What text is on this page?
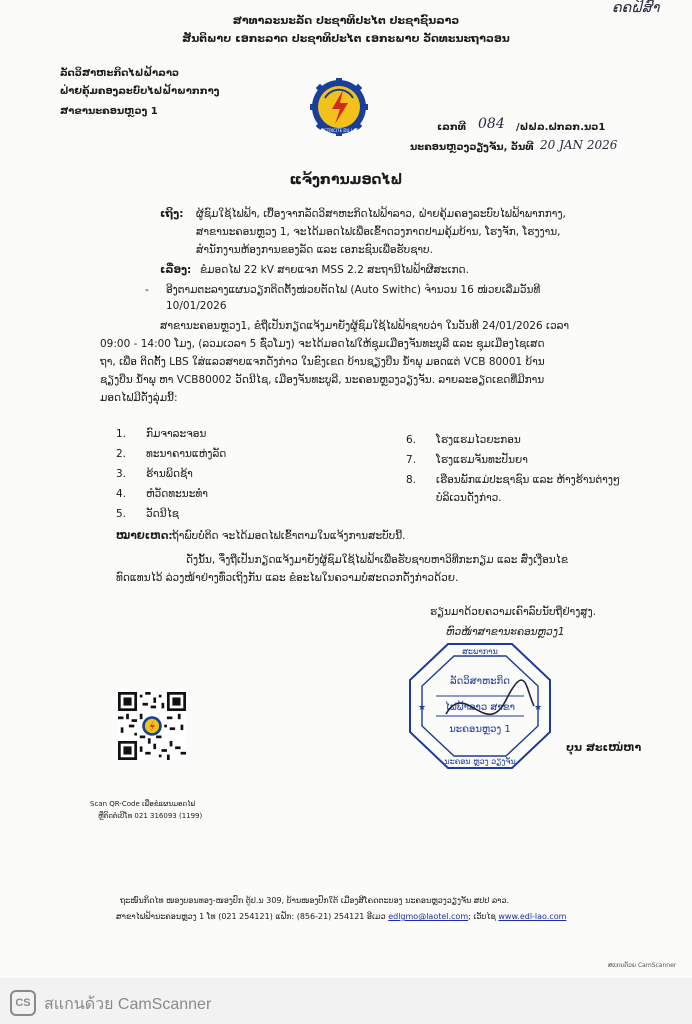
ຄຄຝິສົາ
ສາທາລະນະລັດ ປະຊາທິປະໄຕ ປະຊາຊົນລາວ
ສັນຕິພາບ ເອກະລາດ ປະຊາທິປະໄຕ ເອກະພາບ ວັດທະນະຖາວອນ
ລັດວິສາຫະກິດໄຟຟ້າລາວ
ຝ່າຍຄຸ້ມຄອງລະບົບໄຟຟ້າພາກກາງ
ສາຂານະຄອນຫຼວງ 1
ELECTRICITE DU LAOS	ເລກທີ 084 /ຟຟລ.ຝກລກ.ນວ1
ນະຄອນຫຼວງວຽງຈັນ, ວັນທີ 20 JAN 2026
ແຈ້ງການມອດໄຟ
ເຖິງ: ຜູ້ຊົມໃຊ້ໄຟຟ້າ, ເບື້ອງຈາກລັດວິສາຫະກິດໄຟຟ້າລາວ, ຝ່າຍຄຸ້ມຄອງລະບົບໄຟຟ້າພາກກາງ,
ສາຂານະຄອນຫຼວງ 1, ຈະໄດ້ມອດໄຟເພື່ອເຂົ້າດວງກາດປາມຄຸ້ມບ້ານ, ໂຮງຈັກ, ໂຮງງານ,
ສໍານັກງານຫ້ອງການຂອງລັດ ແລະ ເອກະຊົນເພື່ອຮັບຊາບ.
ເລື່ອງ: ຂໍມອດໄຟ 22 kV ສາຍແຈກ MSS 2.2 ສະຖານີໄຟຟ້າຜີສະເກດ.
- ອີງຕາມຕະລາງແຜນວຽກຕິດຕັ້ງໜ່ວຍຕັດໄຟ (Auto Swithc) ຈຳນວນ 16 ໜ່ວຍເລີ່ມວັນທີ
10/01/2026
ສາຂານະຄອນຫຼວງ1, ຂໍຖືເປັນກຽດແຈ້ງມາຍັງຜູ້ຊົມໃຊ້ໄຟຟ້າຊາບວ່າ ໃນວັນທີ 24/01/2026 ເວລາ
09:00 - 14:00 ໂມງ, (ລວມເວລາ 5 ຊົ່ວໂມງ) ຈະໄດ້ມອດໄຟໃຫ້ຊຸມເມືອງຈັນທະບູລີ ແລະ ຊຸມເມືອງໄຊເສດ
ຖາ, ເພື່ອ ຕິດຕັ້ງ LBS ໃສ່ແລວສາຍແຈກດັ່ງກ່າວ ໃນຂົງເຂດ ບ້ານຊຽງບືນ ນ້ຳພຸ ມອດແຕ່ VCB 80001 ບ້ານ
ຊຽງບືນ ນ້ຳພຸ ຫາ VCB80002 ວັດນີໄຊ, ເມືອງຈັນທະບູລີ, ນະຄອນຫຼວງວຽງຈັນ. ລາຍລະອຽດເຂດທີ່ມີການ
ມອດໄຟມີດັ່ງລຸ່ມນີ້:
1. ກົມຈາລະຈອນ
2. ທະນາຄານແຫ່ງລັດ
3. ຮ້ານພິດຊ້າ
4. ຫໍວັດທະນະທຳ
5. ວັດນີໄຊ
6. ໂຮງແຮມໄວຍະກອນ
7. ໂຮງແຮມຈັນທະປັນຍາ
8. ເຮືອນພັກແມ່ປະຊາຊົນ ແລະ ຫ້າງຮ້ານຕ່າງໆ
ບໍລິເວນດັ່ງກ່າວ.
ໝາຍເຫດ: ຖ້າພົບບໍ່ຕິດ ຈະໄດ້ມອດໄຟເຂົ້າຕາມໃນແຈ້ງການສະບັບນີ້.
ດັ່ງນັ້ນ, ຈຶ່ງຖືເປັນກຽດແຈ້ງມາຍັງຜູ້ຊົມໃຊ້ໄຟຟ້າເພື່ອຮັບຊາບຫາວິທີກະກຽມ ແລະ ສົ່ງເງືອນໄຂ
ທົດແທນໄວ້ ລ່ວງໜ້າຢ່າງທົ່ວເຖິງກັນ ແລະ ຂໍອະໄພໃນຄວາມບໍ່ສະດວກດັ່ງກ່າວດ້ວຍ.
ຮຽນມາດ້ວຍຄວາມເຄົາລົບນັບຖືຢ່າງສູງ.
ຫົວໜ້າສາຂານະຄອນຫຼວງ1
ສະພາການ
ລັດວິສາຫະກິດ
ໄຟຟ້າລາວ ສາຂາ
ນະຄອນຫຼວງ 1
ນະຄອນ ຫຼວງ ວຽງຈັນ
★	★
ບຸນ ສະເໜ່ຫາ
Scan QR-Code ເພື່ອຂໍແຜນມອດໄຟ
ຫຼືຕິດຕໍ່ເບີໂທ 021 316093 (1199)
ຖະໜົນກິດໄທ ໜອງບອນທອງ-ໜອງປົກ ຕູ້ປ.ນ 309, ບ້ານໜອງປົກໃຕ້ ເມືອງສີໂຄດຕະບອງ ນະຄອນຫຼວງວຽງຈັນ ສປປ ລາວ.
ສາຂາໄຟຟ້ານະຄອນຫຼວງ 1 ໂທ (021 254121) ແຟັກ: (856-21) 254121 ອີເມວ edlgmo@laotel.com; ເວັບໄຊ www.edl-lao.com
ສແກນດ້ວຍ CamScanner
CS สแกนด้วย CamScanner
